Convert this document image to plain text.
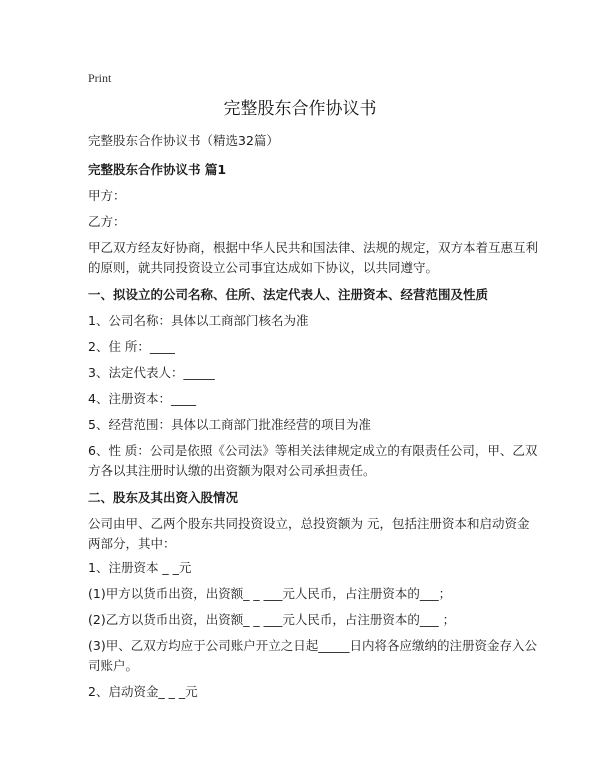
Print
完整股东合作协议书
完整股东合作协议书（精选32篇）
完整股东合作协议书 篇1
甲方：
乙方：
甲乙双方经友好协商，根据中华人民共和国法律、法规的规定，双方本着互惠互利
的原则，就共同投资设立公司事宜达成如下协议，以共同遵守。
一、拟设立的公司名称、住所、法定代表人、注册资本、经营范围及性质
1、公司名称：具体以工商部门核名为准
2、住 所：____
3、法定代表人：_____
4、注册资本：____
5、经营范围：具体以工商部门批准经营的项目为准
6、性 质：公司是依照《公司法》等相关法律规定成立的有限责任公司，甲、乙双
方各以其注册时认缴的出资额为限对公司承担责任。
二、股东及其出资入股情况
公司由甲、乙两个股东共同投资设立，总投资额为 元，包括注册资本和启动资金
两部分，其中：
1、注册资本 _ _元
(1)甲方以货币出资，出资额_ _ ___元人民币，占注册资本的___；
(2)乙方以货币出资，出资额_ _ ___元人民币，占注册资本的___ ；
(3)甲、乙双方均应于公司账户开立之日起_____日内将各应缴纳的注册资金存入公
司账户。
2、启动资金_ _ _元
